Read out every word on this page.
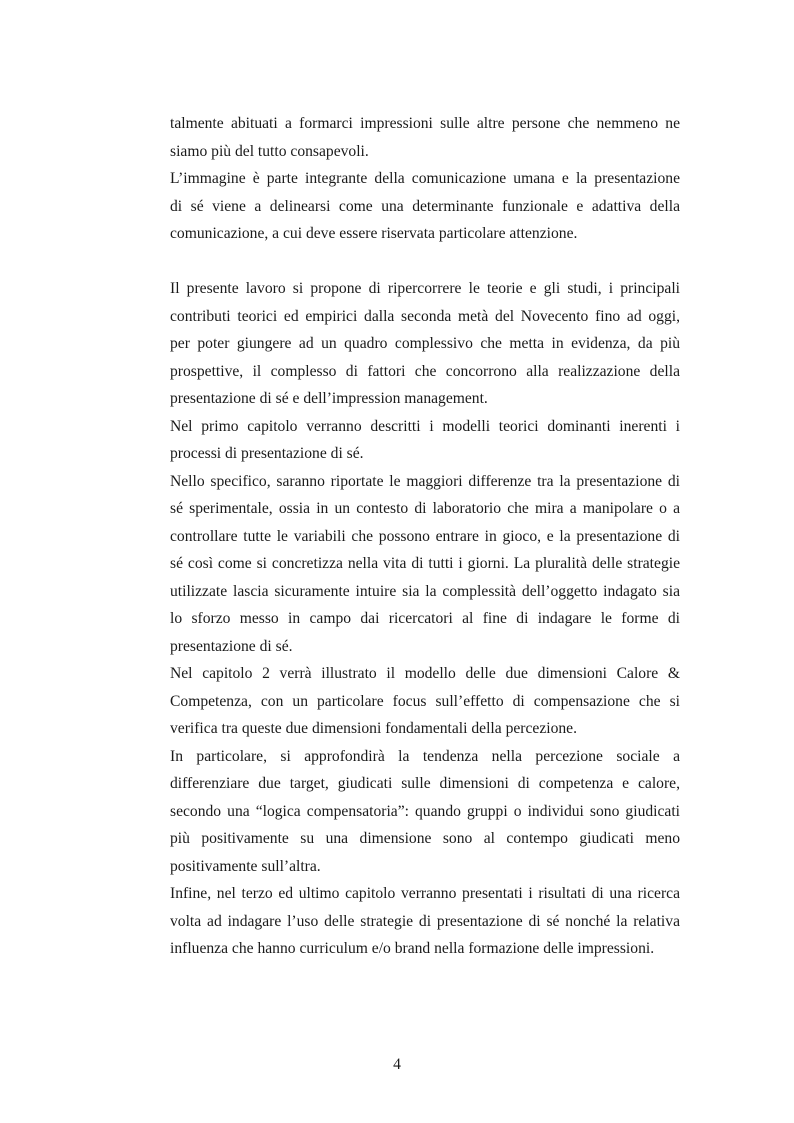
talmente abituati a formarci impressioni sulle altre persone che nemmeno ne
siamo più del tutto consapevoli.
L’immagine è parte integrante della comunicazione umana e la presentazione
di sé viene a delinearsi come una determinante funzionale e adattiva della
comunicazione, a cui deve essere riservata particolare attenzione.
Il presente lavoro si propone di ripercorrere le teorie e gli studi, i principali
contributi teorici ed empirici dalla seconda metà del Novecento fino ad oggi,
per poter giungere ad un quadro complessivo che metta in evidenza, da più
prospettive, il complesso di fattori che concorrono alla realizzazione della
presentazione di sé e dell’impression management.
Nel primo capitolo verranno descritti i modelli teorici dominanti inerenti i
processi di presentazione di sé.
Nello specifico, saranno riportate le maggiori differenze tra la presentazione di
sé sperimentale, ossia in un contesto di laboratorio che mira a manipolare o a
controllare tutte le variabili che possono entrare in gioco, e la presentazione di
sé così come si concretizza nella vita di tutti i giorni. La pluralità delle strategie
utilizzate lascia sicuramente intuire sia la complessità dell’oggetto indagato sia
lo sforzo messo in campo dai ricercatori al fine di indagare le forme di
presentazione di sé.
Nel capitolo 2 verrà illustrato il modello delle due dimensioni Calore &
Competenza, con un particolare focus sull’effetto di compensazione che si
verifica tra queste due dimensioni fondamentali della percezione.
In particolare, si approfondirà la tendenza nella percezione sociale a
differenziare due target, giudicati sulle dimensioni di competenza e calore,
secondo una “logica compensatoria”: quando gruppi o individui sono giudicati
più positivamente su una dimensione sono al contempo giudicati meno
positivamente sull’altra.
Infine, nel terzo ed ultimo capitolo verranno presentati i risultati di una ricerca
volta ad indagare l’uso delle strategie di presentazione di sé nonché la relativa
influenza che hanno curriculum e/o brand nella formazione delle impressioni.
4
